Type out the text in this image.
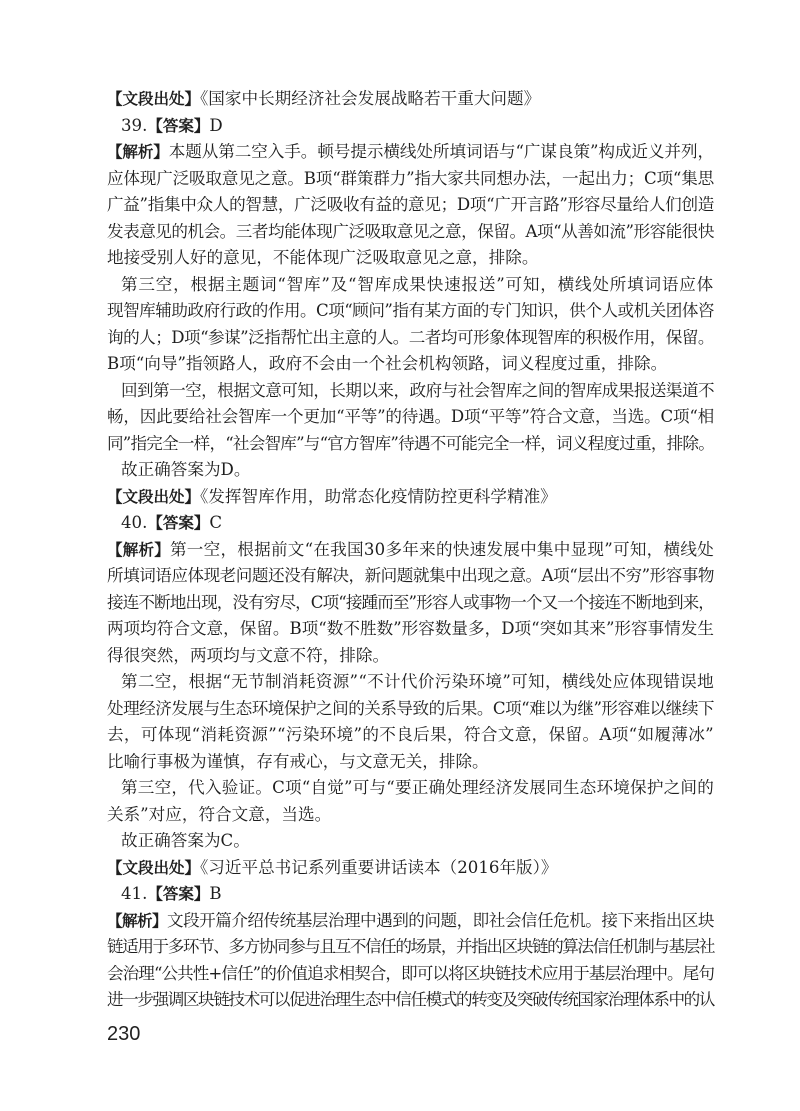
【文段出处】《国家中长期经济社会发展战略若干重大问题》
39.【答案】D
【解析】本题从第二空入手。顿号提示横线处所填词语与“广谋良策”构成近义并列，
应体现广泛吸取意见之意。B项“群策群力”指大家共同想办法，一起出力；C项“集思
广益”指集中众人的智慧，广泛吸收有益的意见；D项“广开言路”形容尽量给人们创造
发表意见的机会。三者均能体现广泛吸取意见之意，保留。A项“从善如流”形容能很快
地接受别人好的意见，不能体现广泛吸取意见之意，排除。
第三空，根据主题词“智库”及“智库成果快速报送”可知，横线处所填词语应体
现智库辅助政府行政的作用。C项“顾问”指有某方面的专门知识，供个人或机关团体咨
询的人；D项“参谋”泛指帮忙出主意的人。二者均可形象体现智库的积极作用，保留。
B项“向导”指领路人，政府不会由一个社会机构领路，词义程度过重，排除。
回到第一空，根据文意可知，长期以来，政府与社会智库之间的智库成果报送渠道不
畅，因此要给社会智库一个更加“平等”的待遇。D项“平等”符合文意，当选。C项“相
同”指完全一样，“社会智库”与“官方智库”待遇不可能完全一样，词义程度过重，排除。
故正确答案为D。
【文段出处】《发挥智库作用，助常态化疫情防控更科学精准》
40.【答案】C
【解析】第一空，根据前文“在我国30多年来的快速发展中集中显现”可知，横线处
所填词语应体现老问题还没有解决，新问题就集中出现之意。A项“层出不穷”形容事物
接连不断地出现，没有穷尽，C项“接踵而至”形容人或事物一个又一个接连不断地到来，
两项均符合文意，保留。B项“数不胜数”形容数量多，D项“突如其来”形容事情发生
得很突然，两项均与文意不符，排除。
第二空，根据“无节制消耗资源”“不计代价污染环境”可知，横线处应体现错误地
处理经济发展与生态环境保护之间的关系导致的后果。C项“难以为继”形容难以继续下
去，可体现“消耗资源”“污染环境”的不良后果，符合文意，保留。A项“如履薄冰”
比喻行事极为谨慎，存有戒心，与文意无关，排除。
第三空，代入验证。C项“自觉”可与“要正确处理经济发展同生态环境保护之间的
关系”对应，符合文意，当选。
故正确答案为C。
【文段出处】《习近平总书记系列重要讲话读本（2016年版）》
41.【答案】B
【解析】文段开篇介绍传统基层治理中遇到的问题，即社会信任危机。接下来指出区块
链适用于多环节、多方协同参与且互不信任的场景，并指出区块链的算法信任机制与基层社
会治理“公共性+信任”的价值追求相契合，即可以将区块链技术应用于基层治理中。尾句
进一步强调区块链技术可以促进治理生态中信任模式的转变及突破传统国家治理体系中的认
230
